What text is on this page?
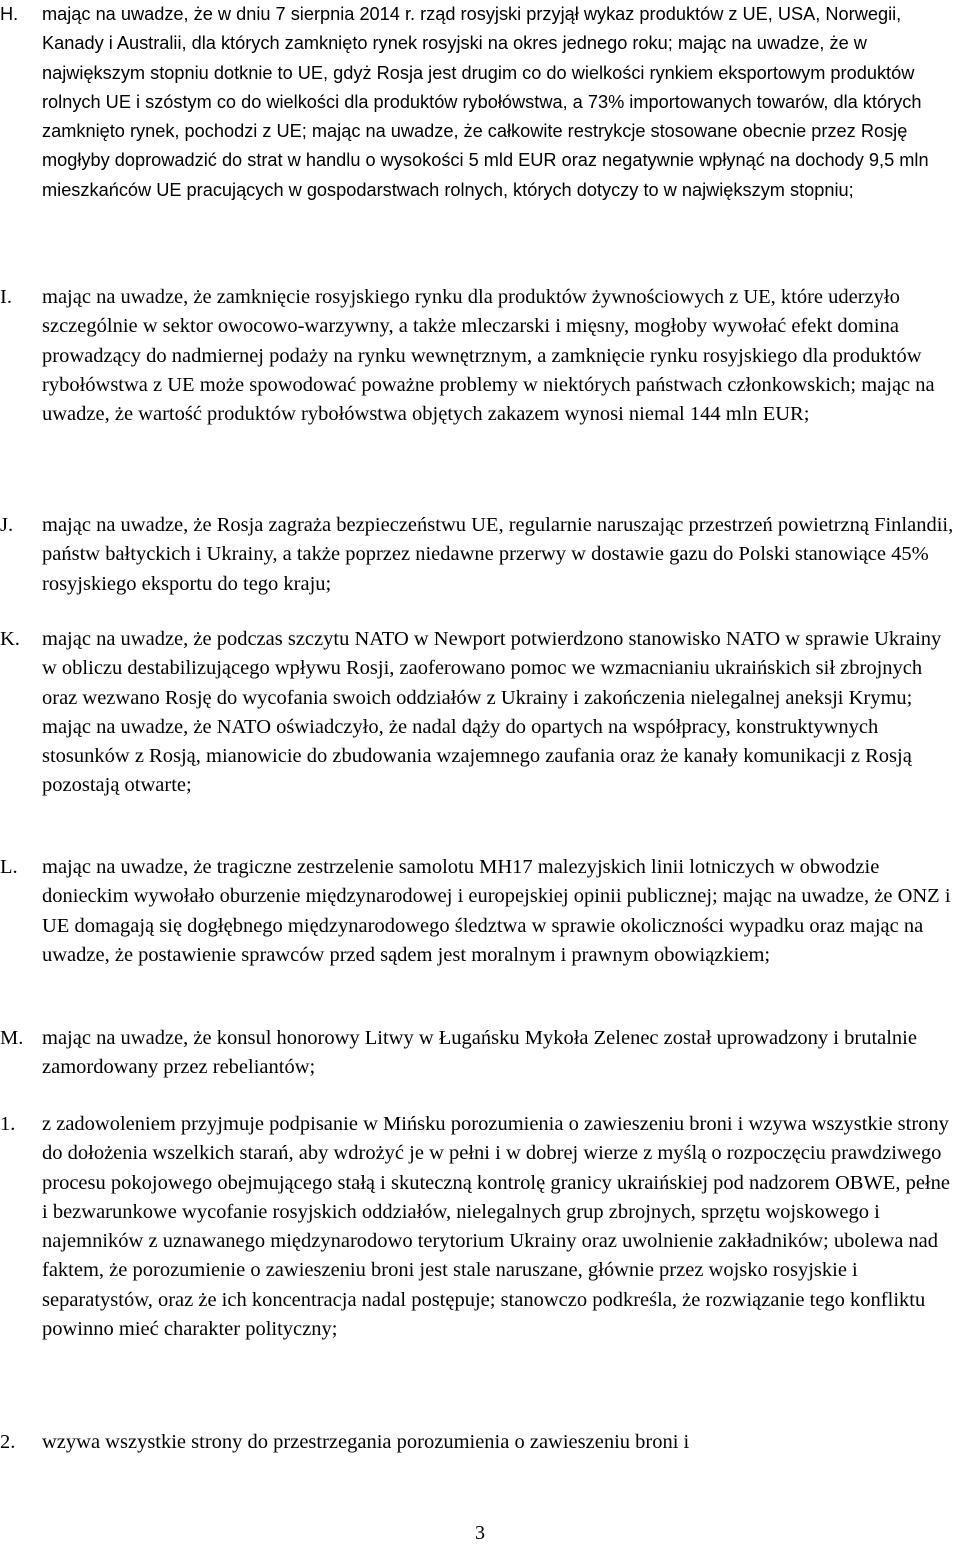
H.	mając na uwadze, że w dniu 7 sierpnia 2014 r. rząd rosyjski przyjął wykaz produktów z UE, USA, Norwegii, Kanady i Australii, dla których zamknięto rynek rosyjski na okres jednego roku; mając na uwadze, że w największym stopniu dotknie to UE, gdyż Rosja jest drugim co do wielkości rynkiem eksportowym produktów rolnych UE i szóstym co do wielkości dla produktów rybołówstwa, a 73% importowanych towarów, dla których zamknięto rynek, pochodzi z UE; mając na uwadze, że całkowite restrykcje stosowane obecnie przez Rosję mogłyby doprowadzić do strat w handlu o wysokości 5 mld EUR oraz negatywnie wpłynąć na dochody 9,5 mln mieszkańców UE pracujących w gospodarstwach rolnych, których dotyczy to w największym stopniu;

I.	mając na uwadze, że zamknięcie rosyjskiego rynku dla produktów żywnościowych z UE, które uderzyło szczególnie w sektor owocowo-warzywny, a także mleczarski i mięsny, mogłoby wywołać efekt domina prowadzący do nadmiernej podaży na rynku wewnętrznym, a zamknięcie rynku rosyjskiego dla produktów rybołówstwa z UE może spowodować poważne problemy w niektórych państwach członkowskich; mając na uwadze, że wartość produktów rybołówstwa objętych zakazem wynosi niemal 144 mln EUR;

J.	mając na uwadze, że Rosja zagraża bezpieczeństwu UE, regularnie naruszając przestrzeń powietrzną Finlandii, państw bałtyckich i Ukrainy, a także poprzez niedawne przerwy w dostawie gazu do Polski stanowiące 45% rosyjskiego eksportu do tego kraju;

K.	mając na uwadze, że podczas szczytu NATO w Newport potwierdzono stanowisko NATO w sprawie Ukrainy w obliczu destabilizującego wpływu Rosji, zaoferowano pomoc we wzmacnianiu ukraińskich sił zbrojnych oraz wezwano Rosję do wycofania swoich oddziałów z Ukrainy i zakończenia nielegalnej aneksji Krymu; mając na uwadze, że NATO oświadczyło, że nadal dąży do opartych na współpracy, konstruktywnych stosunków z Rosją, mianowicie do zbudowania wzajemnego zaufania oraz że kanały komunikacji z Rosją pozostają otwarte;

L.	mając na uwadze, że tragiczne zestrzelenie samolotu MH17 malezyjskich linii lotniczych w obwodzie donieckim wywołało oburzenie międzynarodowej i europejskiej opinii publicznej; mając na uwadze, że ONZ i UE domagają się dogłębnego międzynarodowego śledztwa w sprawie okoliczności wypadku oraz mając na uwadze, że postawienie sprawców przed sądem jest moralnym i prawnym obowiązkiem;

M. mając na uwadze, że konsul honorowy Litwy w Ługańsku Mykoła Zelenec został uprowadzony i brutalnie zamordowany przez rebeliantów;

1.	z zadowoleniem przyjmuje podpisanie w Mińsku porozumienia o zawieszeniu broni i wzywa wszystkie strony do dołożenia wszelkich starań, aby wdrożyć je w pełni i w dobrej wierze z myślą o rozpoczęciu prawdziwego procesu pokojowego obejmującego stałą i skuteczną kontrolę granicy ukraińskiej pod nadzorem OBWE, pełne i bezwarunkowe wycofanie rosyjskich oddziałów, nielegalnych grup zbrojnych, sprzętu wojskowego i najemników z uznawanego międzynarodowo terytorium Ukrainy oraz uwolnienie zakładników; ubolewa nad faktem, że porozumienie o zawieszeniu broni jest stale naruszane, głównie przez wojsko rosyjskie i separatystów, oraz że ich koncentracja nadal postępuje; stanowczo podkreśla, że rozwiązanie tego konfliktu powinno mieć charakter polityczny;

2.	wzywa wszystkie strony do przestrzegania porozumienia o zawieszeniu broni i

3
